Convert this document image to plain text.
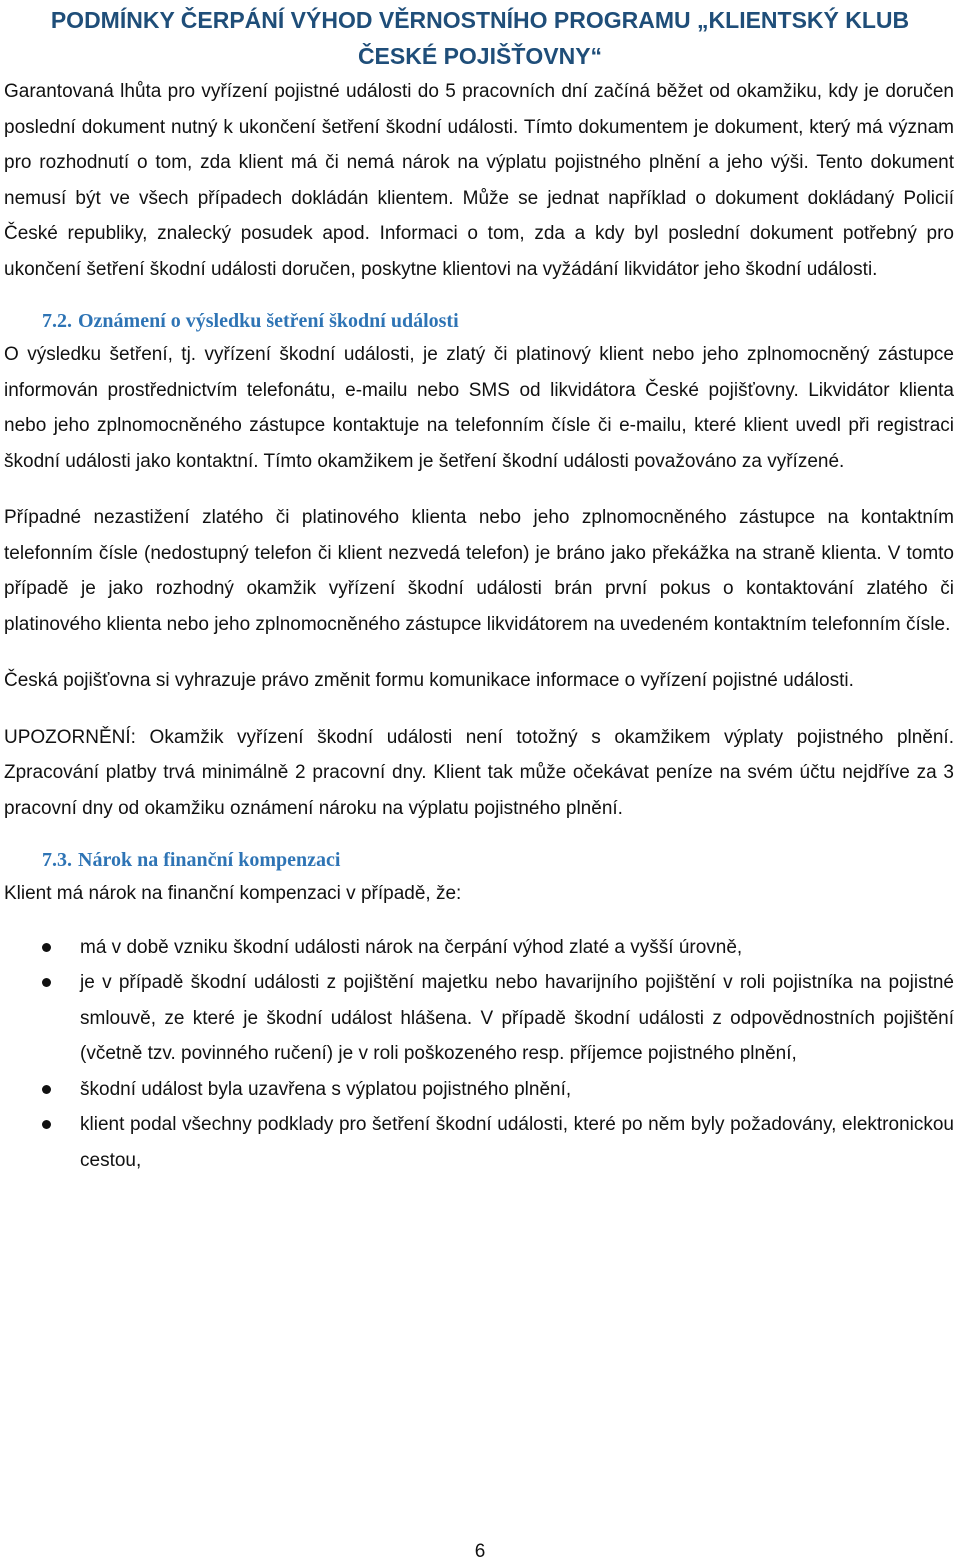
PODMÍNKY ČERPÁNÍ VÝHOD VĚRNOSTNÍHO PROGRAMU „KLIENTSKÝ KLUB ČESKÉ POJIŠŤOVNY“

Garantovaná lhůta pro vyřízení pojistné události do 5 pracovních dní začíná běžet od okamžiku, kdy je doručen poslední dokument nutný k ukončení šetření škodní události. Tímto dokumentem je dokument, který má význam pro rozhodnutí o tom, zda klient má či nemá nárok na výplatu pojistného plnění a jeho výši. Tento dokument nemusí být ve všech případech dokládán klientem. Může se jednat například o dokument dokládaný Policií České republiky, znalecký posudek apod. Informaci o tom, zda a kdy byl poslední dokument potřebný pro ukončení šetření škodní události doručen, poskytne klientovi na vyžádání likvidátor jeho škodní události.

7.2. Oznámení o výsledku šetření škodní události

O výsledku šetření, tj. vyřízení škodní události, je zlatý či platinový klient nebo jeho zplnomocněný zástupce informován prostřednictvím telefonátu, e-mailu nebo SMS od likvidátora České pojišťovny. Likvidátor klienta nebo jeho zplnomocněného zástupce kontaktuje na telefonním čísle či e-mailu, které klient uvedl při registraci škodní události jako kontaktní. Tímto okamžikem je šetření škodní události považováno za vyřízené.

Případné nezastižení zlatého či platinového klienta nebo jeho zplnomocněného zástupce na kontaktním telefonním čísle (nedostupný telefon či klient nezvedá telefon) je bráno jako překážka na straně klienta. V tomto případě je jako rozhodný okamžik vyřízení škodní události brán první pokus o kontaktování zlatého či platinového klienta nebo jeho zplnomocněného zástupce likvidátorem na uvedeném kontaktním telefonním čísle.

Česká pojišťovna si vyhrazuje právo změnit formu komunikace informace o vyřízení pojistné události.

UPOZORNĚNÍ: Okamžik vyřízení škodní události není totožný s okamžikem výplaty pojistného plnění. Zpracování platby trvá minimálně 2 pracovní dny. Klient tak může očekávat peníze na svém účtu nejdříve za 3 pracovní dny od okamžiku oznámení nároku na výplatu pojistného plnění.

7.3. Nárok na finanční kompenzaci

Klient má nárok na finanční kompenzaci v případě, že:

má v době vzniku škodní události nárok na čerpání výhod zlaté a vyšší úrovně,
je v případě škodní události z pojištění majetku nebo havarijního pojištění v roli pojistníka na pojistné smlouvě, ze které je škodní událost hlášena. V případě škodní události z odpovědnostních pojištění (včetně tzv. povinného ručení) je v roli poškozeného resp. příjemce pojistného plnění,
škodní událost byla uzavřena s výplatou pojistného plnění,
klient podal všechny podklady pro šetření škodní události, které po něm byly požadovány, elektronickou cestou,
6
